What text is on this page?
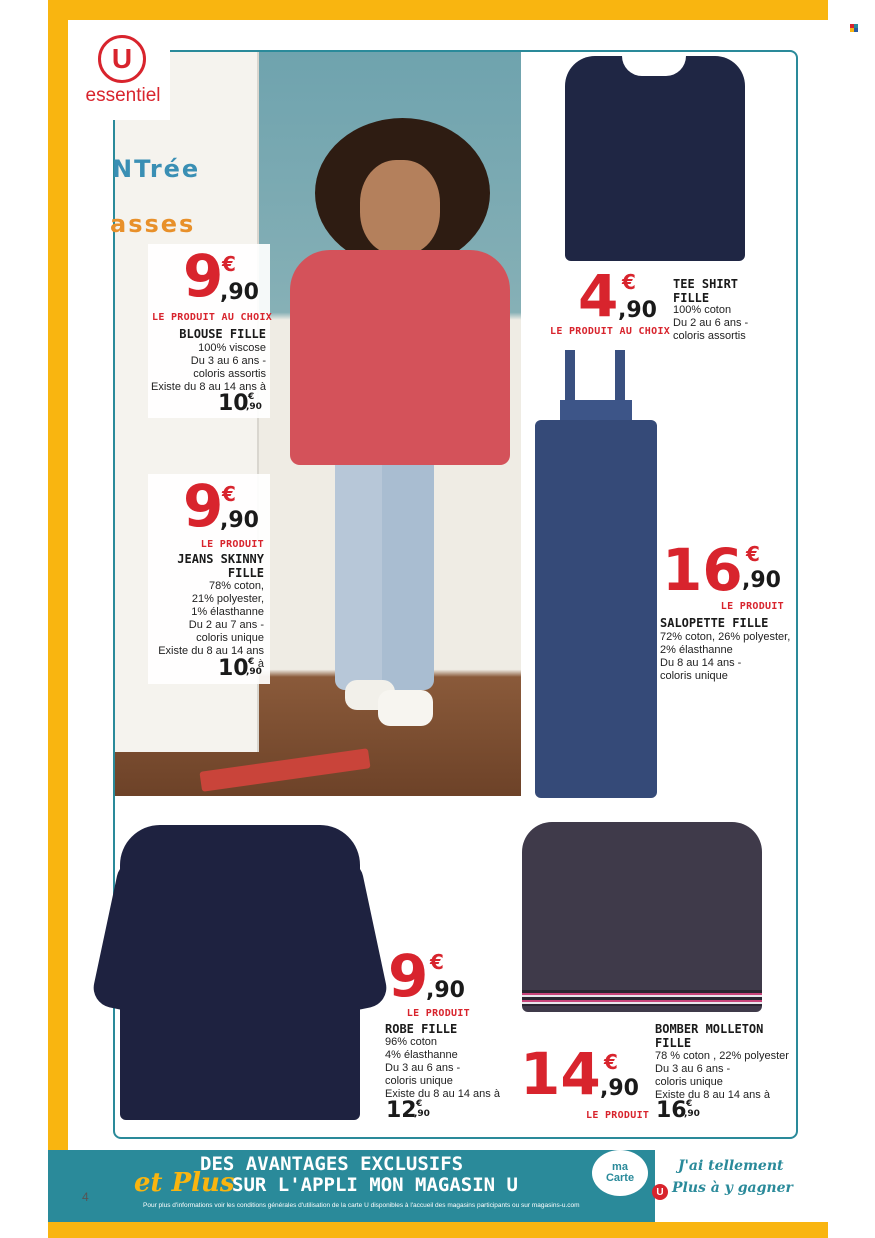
NTrée
asses
U
essentiel
9
€
,90
LE PRODUIT AU CHOIX
BLOUSE FILLE
100% viscose
Du 3 au 6 ans -
coloris assortis
Existe du 8 au 14 ans à
10 €
,90
9
€
,90
LE PRODUIT
JEANS SKINNY
FILLE
78% coton,
21% polyester,
1% élasthanne
Du 2 au 7 ans -
coloris unique
Existe du 8 au 14 ans à
10 €
,90
4 €
,90
LE PRODUIT AU CHOIX
TEE SHIRT
FILLE
100% coton
Du 2 au 6 ans -
coloris assortis
16 €
,90
LE PRODUIT
SALOPETTE FILLE
72% coton, 26% polyester,
2% élasthanne
Du 8 au 14 ans -
coloris unique
9 €
,90
LE PRODUIT
ROBE FILLE
96% coton
4% élasthanne
Du 3 au 6 ans -
coloris unique
Existe du 8 au 14 ans à
12 €
,90
14 €
,90
LE PRODUIT
BOMBER MOLLETON
FILLE
78 % coton , 22% polyester
Du 3 au 6 ans -
coloris unique
Existe du 8 au 14 ans à
16 €
,90
DES AVANTAGES EXCLUSIFS
et Plus
SUR L'APPLI MON MAGASIN U
Pour plus d'informations voir les conditions générales d'utilisation de la carte U disponibles à l'accueil des magasins participants ou sur magasins-u.com
ma
Carte
U
J'ai tellement
Plus à y gagner
4
